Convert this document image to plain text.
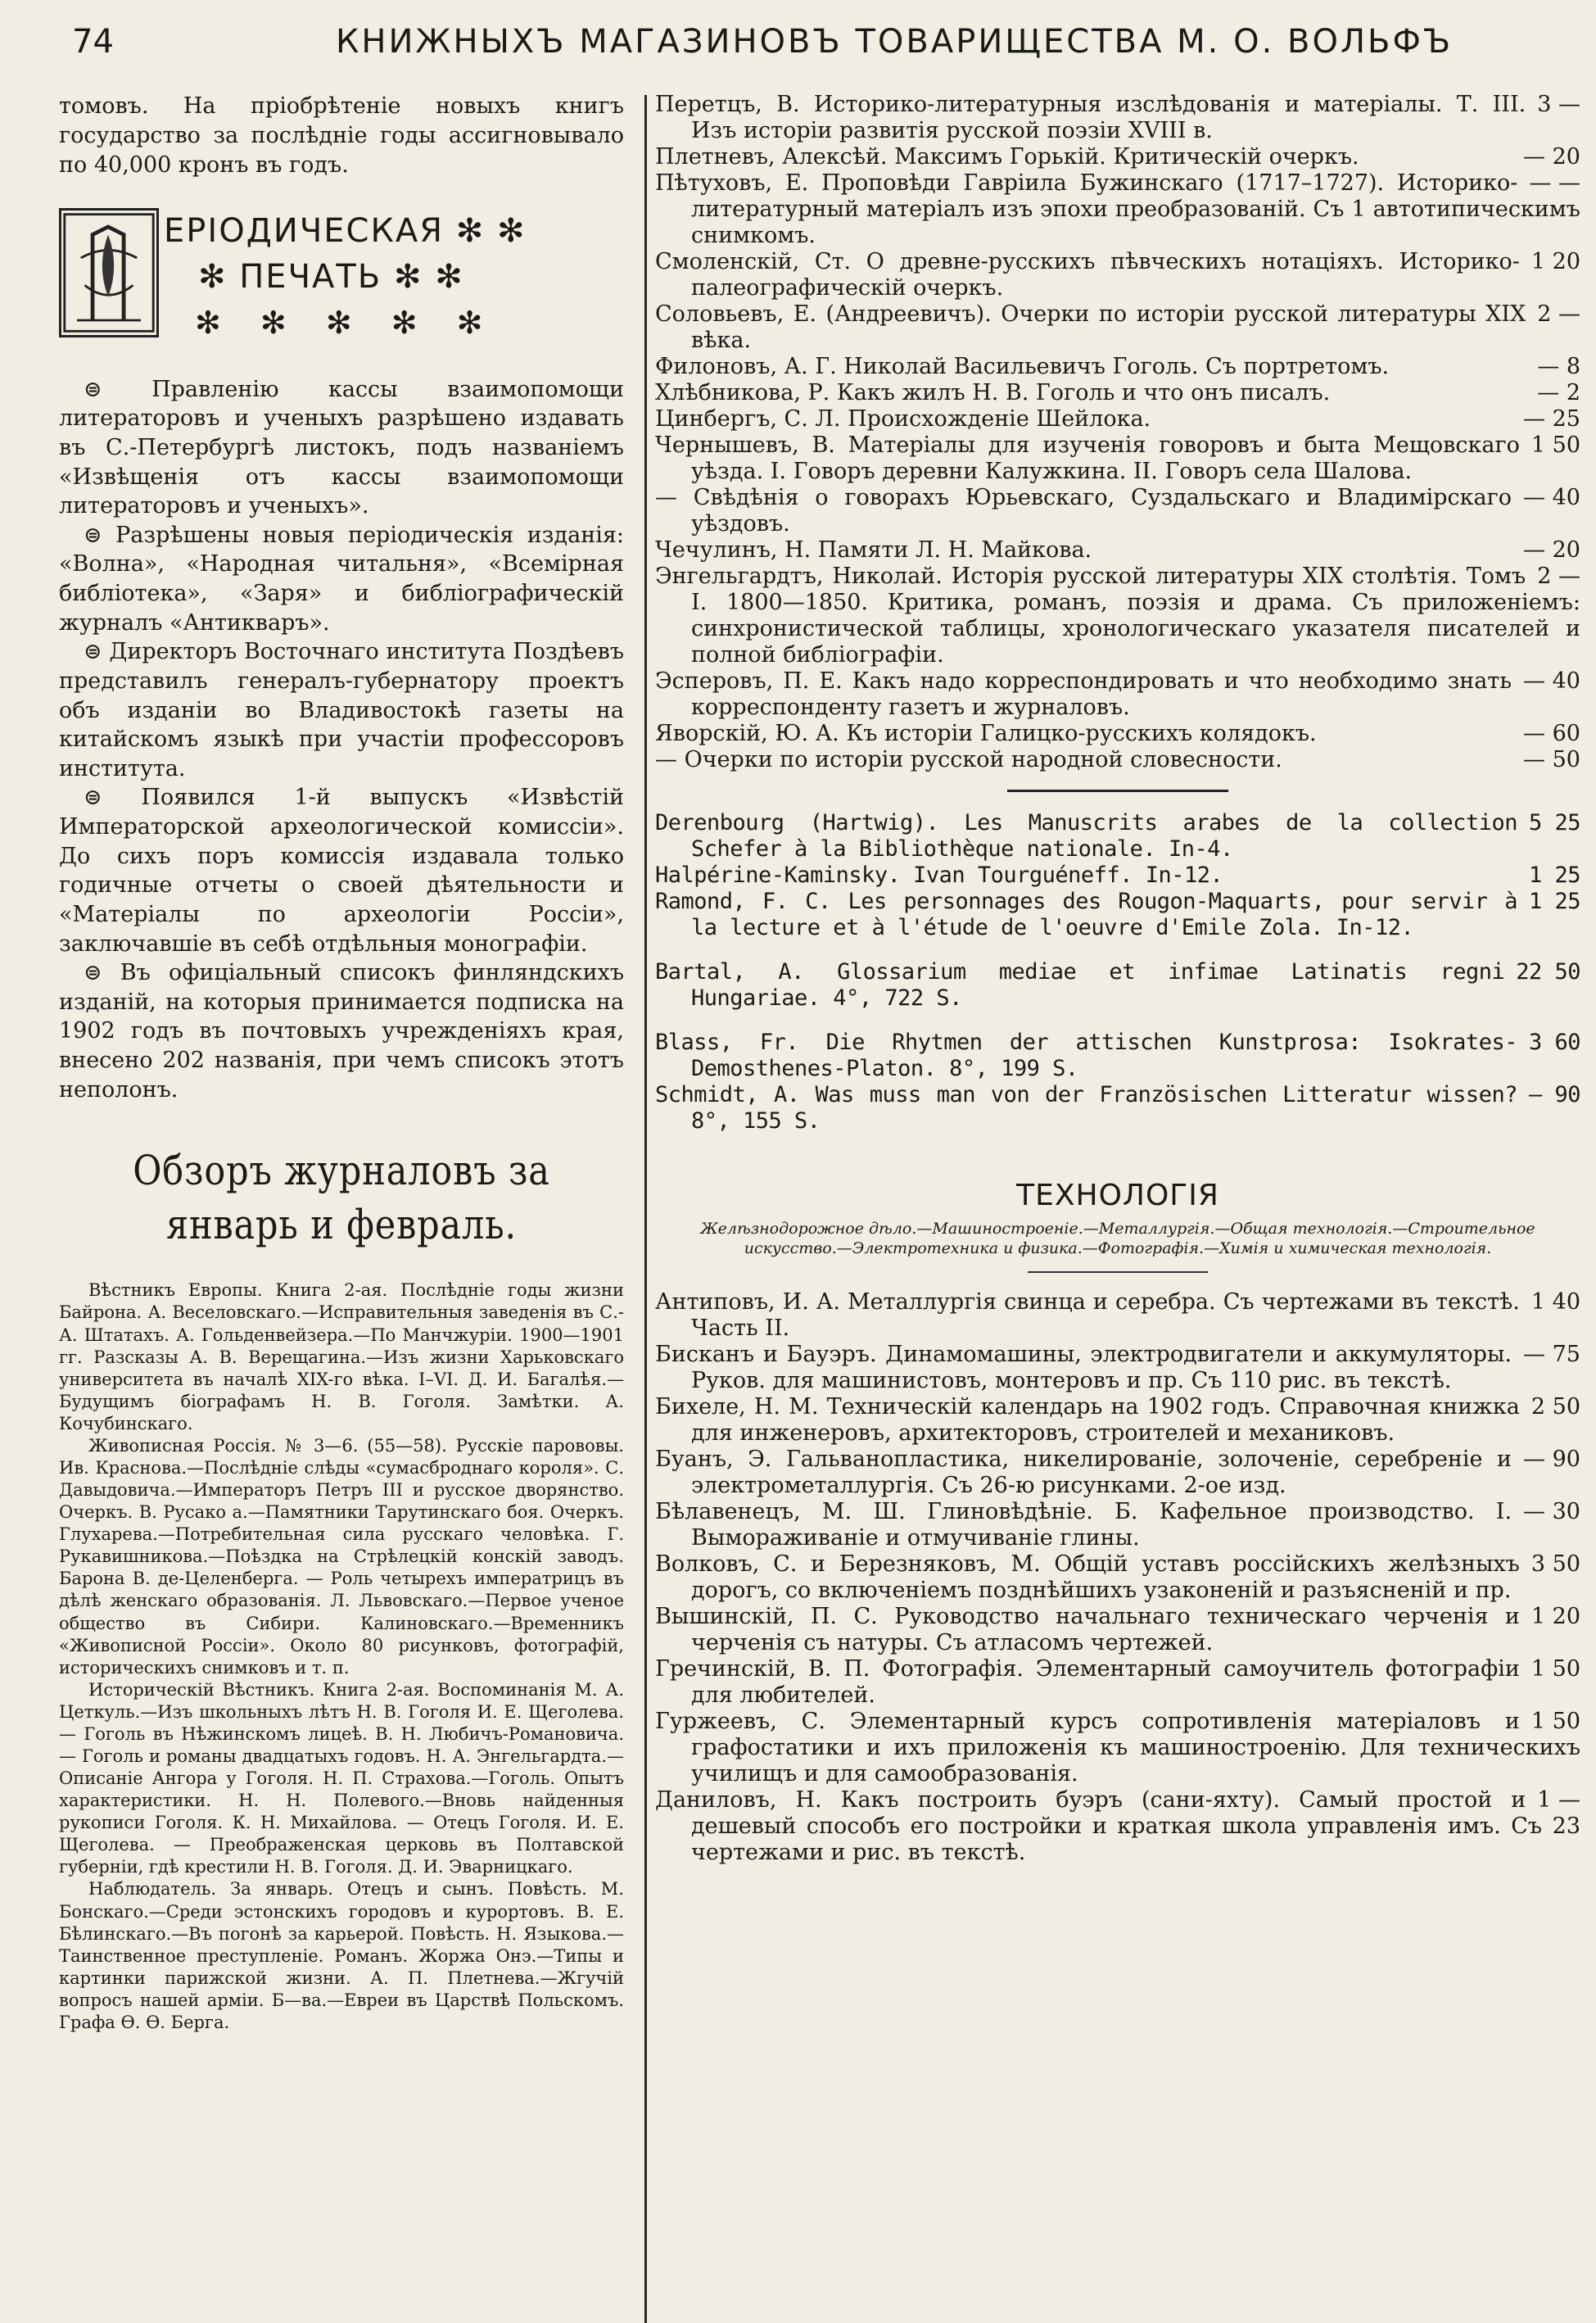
74	КНИЖНЫХЪ МАГАЗИНОВЪ ТОВАРИЩЕСТВА М. О. ВОЛЬФЪ

томовъ. На пріобрѣтеніе новыхъ книгъ государство за послѣдніе годы ассигновывало по 40,000 кронъ въ годъ.

ЕРІОДИЧЕСКАЯ ✻ ✻
✻ ПЕЧАТЬ ✻ ✻
✻ ✻ ✻ ✻ ✻

⊜ Правленію кассы взаимопомощи литераторовъ и ученыхъ разрѣшено издавать въ С.-Петербургѣ листокъ, подъ названіемъ «Извѣщенія отъ кассы взаимопомощи литераторовъ и ученыхъ».

⊜ Разрѣшены новыя періодическія изданія: «Волна», «Народная читальня», «Всемірная библіотека», «Заря» и библіографическій журналъ «Антикваръ».

⊜ Директоръ Восточнаго института Поздѣевъ представилъ генералъ-губернатору проектъ объ изданіи во Владивостокѣ газеты на китайскомъ языкѣ при участіи профессоровъ института.

⊜ Появился 1-й выпускъ «Извѣстій Императорской археологической комиссіи». До сихъ поръ комиссія издавала только годичные отчеты о своей дѣятельности и «Матеріалы по археологіи Россіи», заключавшіе въ себѣ отдѣльныя монографіи.

⊜ Въ офиціальный списокъ финляндскихъ изданій, на которыя принимается подписка на 1902 годъ въ почтовыхъ учрежденіяхъ края, внесено 202 названія, при чемъ списокъ этотъ неполонъ.

Обзоръ журналовъ за январь и февраль.

Вѣстникъ Европы. Книга 2-ая. Послѣдніе годы жизни Байрона. А. Веселовскаго.—Исправительныя заведенія въ С.-А. Штатахъ. А. Гольденвейзера.—По Манчжуріи. 1900—1901 гг. Разсказы А. В. Верещагина.—Изъ жизни Харьковскаго университета въ началѣ XIX-го вѣка. I–VI. Д. И. Багалѣя.—Будущимъ біографамъ Н. В. Гоголя. Замѣтки. А. Кочубинскаго.

Живописная Россія. № 3—6. (55—58). Русскіе парововы. Ив. Краснова.—Послѣдніе слѣды «сумасброднаго короля». С. Давыдовича.—Императоръ Петръ III и русское дворянство. Очеркъ. В. Русако а.—Памятники Тарутинскаго боя. Очеркъ. Глухарева.—Потребительная сила русскаго человѣка. Г. Рукавишникова.—Поѣздка на Стрѣлецкій конскій заводъ. Барона В. де-Целенберга. — Роль четырехъ императрицъ въ дѣлѣ женскаго образованія. Л. Львовскаго.—Первое ученое общество въ Сибири. Калиновскаго.—Временникъ «Живописной Россіи». Около 80 рисунковъ, фотографій, историческихъ снимковъ и т. п.

Историческій Вѣстникъ. Книга 2-ая. Воспоминанія М. А. Цеткуль.—Изъ школьныхъ лѣтъ Н. В. Гоголя И. Е. Щеголева. — Гоголь въ Нѣжинскомъ лицеѣ. В. Н. Любичъ-Романовича. — Гоголь и романы двадцатыхъ годовъ. Н. А. Энгельгардта.—Описаніе Ангора у Гоголя. Н. П. Страхова.—Гоголь. Опытъ характеристики. Н. Н. Полевого.—Вновь найденныя рукописи Гоголя. К. Н. Михайлова. — Отецъ Гоголя. И. Е. Щеголева. — Преображенская церковь въ Полтавской губерніи, гдѣ крестили Н. В. Гоголя. Д. И. Эварницкаго.

Наблюдатель. За январь. Отецъ и сынъ. Повѣсть. М. Бонскаго.—Среди эстонскихъ городовъ и курортовъ. В. Е. Бѣлинскаго.—Въ погонѣ за карьерой. Повѣсть. Н. Языкова.—Таинственное преступленіе. Романъ. Жоржа Онэ.—Типы и картинки парижской жизни. А. П. Плетнева.—Жгучій вопросъ нашей арміи. Б—ва.—Евреи въ Царствѣ Польскомъ. Графа Ѳ. Ѳ. Берга.

3 —
Перетцъ, В. Историко-литературныя изслѣдованія и матеріалы. Т. III. Изъ исторіи развитія русской поэзіи XVIII в.
— 20
Плетневъ, Алексѣй. Максимъ Горькій. Критическій очеркъ.
— —
Пѣтуховъ, Е. Проповѣди Гавріила Бужинскаго (1717–1727). Историко-литературный матеріалъ изъ эпохи преобразованій. Съ 1 автотипическимъ снимкомъ.
1 20
Смоленскій, Ст. О древне-русскихъ пѣвческихъ нотаціяхъ. Историко-палеографическій очеркъ.
2 —
Соловьевъ, Е. (Андреевичъ). Очерки по исторіи русской литературы XIX вѣка.
— 8
Филоновъ, А. Г. Николай Васильевичъ Гоголь. Съ портретомъ.
— 2
Хлѣбникова, Р. Какъ жилъ Н. В. Гоголь и что онъ писалъ.
— 25
Цинбергъ, С. Л. Происхожденіе Шейлока.
1 50
Чернышевъ, В. Матеріалы для изученія говоровъ и быта Мещовскаго уѣзда. I. Говоръ деревни Калужкина. II. Говоръ села Шалова.
— 40
— Свѣдѣнія о говорахъ Юрьевскаго, Суздальскаго и Владимірскаго уѣздовъ.
— 20
Чечулинъ, Н. Памяти Л. Н. Майкова.
2 —
Энгельгардтъ, Николай. Исторія русской литературы XIX столѣтія. Томъ I. 1800—1850. Критика, романъ, поэзія и драма. Съ приложеніемъ: синхронистической таблицы, хронологическаго указателя писателей и полной библіографіи.
— 40
Эсперовъ, П. Е. Какъ надо корреспондировать и что необходимо знать корреспонденту газетъ и журналовъ.
— 60
Яворскій, Ю. А. Къ исторіи Галицко-русскихъ колядокъ.
— 50
— Очерки по исторіи русской народной словесности.
5 25
Derenbourg (Hartwig). Les Manuscrits arabes de la collection Schefer à la Bibliothèque nationale. In-4.
1 25
Halpérine-Kaminsky. Ivan Tourguéneff. In-12.
1 25
Ramond, F. C. Les personnages des Rougon-Maquarts, pour servir à la lecture et à l'étude de l'oeuvre d'Emile Zola. In-12.
22 50
Bartal, A. Glossarium mediae et infimae Latinatis regni Hungariae. 4°, 722 S.
3 60
Blass, Fr. Die Rhytmen der attischen Kunstprosa: Isokrates-Demosthenes-Platon. 8°, 199 S.
— 90
Schmidt, A. Was muss man von der Französischen Litteratur wissen? 8°, 155 S.
ТЕХНОЛОГІЯ
Желѣзнодорожное дѣло.—Машиностроеніе.—Металлургія.—Общая технологія.—Строительное искусство.—Электротехника и физика.—Фотографія.—Химія и химическая технологія.
1 40
Антиповъ, И. А. Металлургія свинца и серебра. Съ чертежами въ текстѣ. Часть II.
— 75
Бисканъ и Бауэръ. Динамомашины, электродвигатели и аккумуляторы. Руков. для машинистовъ, монтеровъ и пр. Съ 110 рис. въ текстѣ.
2 50
Бихеле, Н. М. Техническій календарь на 1902 годъ. Справочная книжка для инженеровъ, архитекторовъ, строителей и механиковъ.
— 90
Буанъ, Э. Гальванопластика, никелированіе, золоченіе, серебреніе и электрометаллургія. Съ 26-ю рисунками. 2-ое изд.
— 30
Бѣлавенецъ, М. Ш. Глиновѣдѣніе. Б. Кафельное производство. I. Вымораживаніе и отмучиваніе глины.
3 50
Волковъ, С. и Березняковъ, М. Общій уставъ россійскихъ желѣзныхъ дорогъ, со включеніемъ позднѣйшихъ узаконеній и разъясненій и пр.
1 20
Вышинскій, П. С. Руководство начальнаго техническаго черченія и черченія съ натуры. Съ атласомъ чертежей.
1 50
Гречинскій, В. П. Фотографія. Элементарный самоучитель фотографіи для любителей.
1 50
Гуржеевъ, С. Элементарный курсъ сопротивленія матеріаловъ и графостатики и ихъ приложенія къ машиностроенію. Для техническихъ училищъ и для самообразованія.
1 —
Даниловъ, Н. Какъ построить буэръ (сани-яхту). Самый простой и дешевый способъ его постройки и краткая школа управленія имъ. Съ 23 чертежами и рис. въ текстѣ.
